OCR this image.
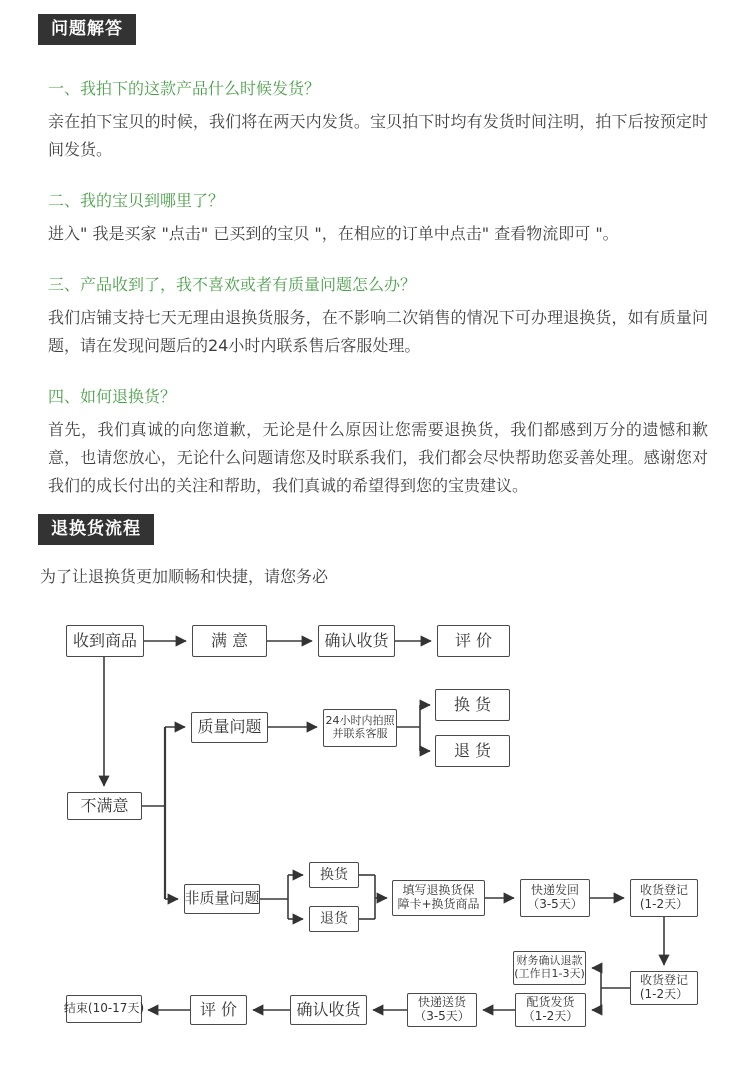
问题解答
一、我拍下的这款产品什么时候发货？
亲在拍下宝贝的时候，我们将在两天内发货。宝贝拍下时均有发货时间注明，拍下后按预定时间发货。
二、我的宝贝到哪里了？
进入" 我是买家 "点击" 已买到的宝贝 "，在相应的订单中点击" 查看物流即可 "。
三、产品收到了，我不喜欢或者有质量问题怎么办？
我们店铺支持七天无理由退换货服务，在不影响二次销售的情况下可办理退换货，如有质量问题，请在发现问题后的24小时内联系售后客服处理。
四、如何退换货？
首先，我们真诚的向您道歉，无论是什么原因让您需要退换货，我们都感到万分的遗憾和歉意，也请您放心，无论什么问题请您及时联系我们，我们都会尽快帮助您妥善处理。感谢您对我们的成长付出的关注和帮助，我们真诚的希望得到您的宝贵建议。
退换货流程
为了让退换货更加顺畅和快捷，请您务必
收到商品	满 意	确认收货	评 价
质量问题	24小时内拍照
并联系客服
换 货
退 货
不满意
非质量问题
换货
退货
填写退换货保
障卡+换货商品
快递发回
（3-5天）
收货登记
(1-2天）
收货登记
(1-2天）
财务确认退款
(工作日1-3天)
配货发货
（1-2天）
快递送货
（3-5天）
确认收货
评 价
结束(10-17天)
